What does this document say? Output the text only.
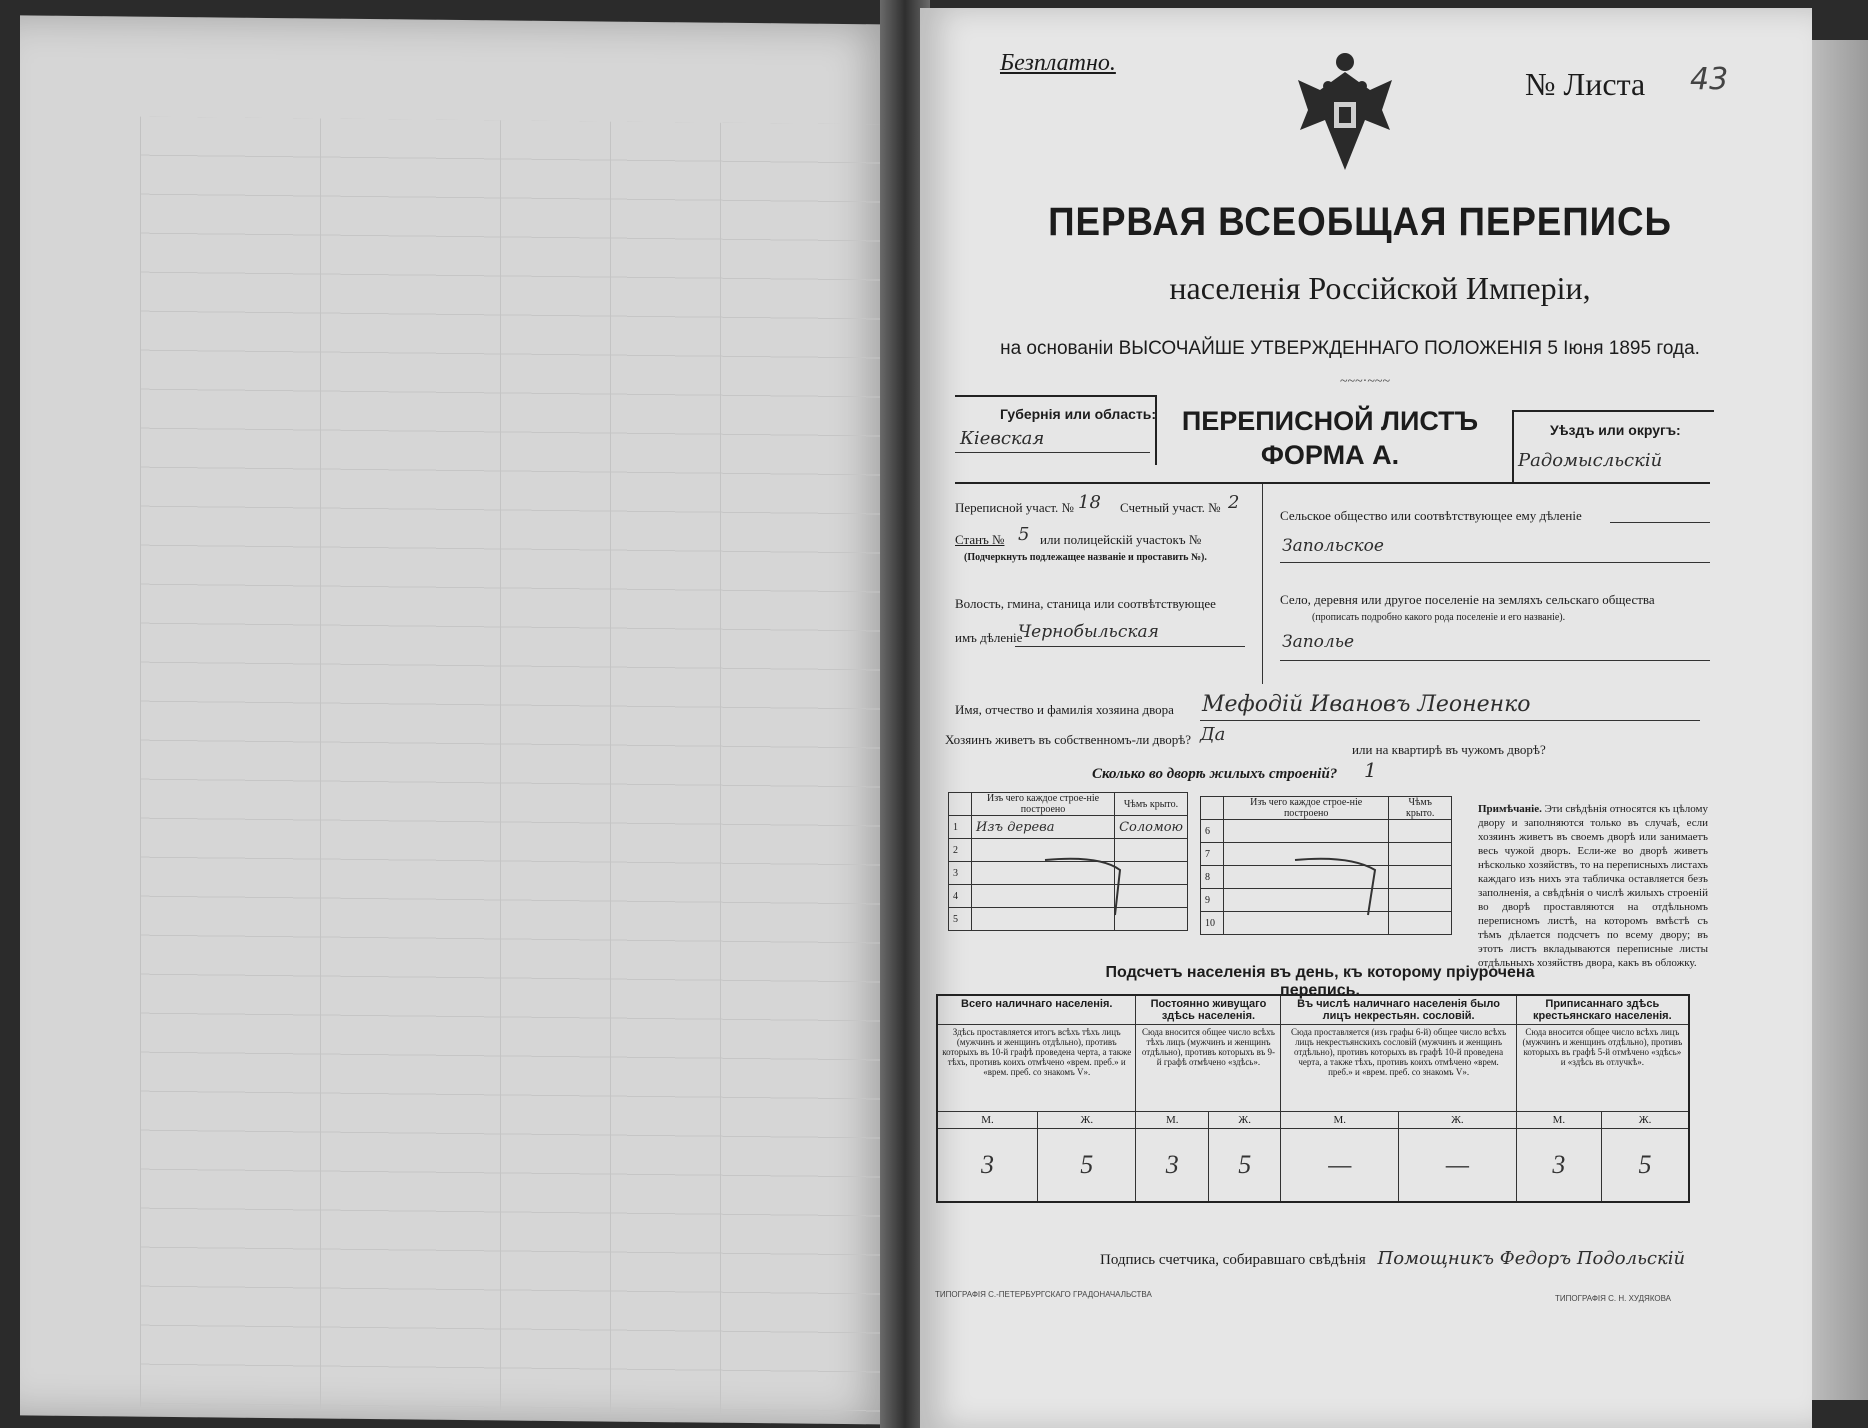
Безплатно.
№ Листа 43
ПЕРВАЯ ВСЕОБЩАЯ ПЕРЕПИСЬ
населенія Россійской Имперіи,
на основаніи ВЫСОЧАЙШЕ УТВЕРЖДЕННАГО ПОЛОЖЕНІЯ 5 Іюня 1895 года.
~~~·~~~
Губернія или область:
Кіевская
ПЕРЕПИСНОЙ ЛИСТЪ
ФОРМА А.
Уѣздъ или округъ:
Радомысльскій
Переписной участ. № 18 Счетный участ. № 2
Станъ № 5 или полицейскій участокъ №
(Подчеркнуть подлежащее названіе и проставить №).
Волость, гмина, станица или соотвѣтствующее
имъ дѣленіе
Чернобыльская
Сельское общество или соотвѣтствующее ему дѣленіе
Запольское
Село, деревня или другое поселеніе на земляхъ сельскаго общества
(прописать подробно какого рода поселеніе и его названіе).
Заполье
Имя, отчество и фамилія хозяина двора Мефодій Ивановъ Леоненко
Хозяинъ живетъ въ собственномъ-ли дворѣ? Да
или на квартирѣ въ чужомъ дворѣ?
Сколько во дворѣ жилыхъ строеній? 1
	Изъ чего каждое строе-ніе построено	Чѣмъ крыто.
1	Изъ дерева	Соломою
2		
3		
4		
5		
	Изъ чего каждое строе-ніе построено	Чѣмъ крыто.
6		
7		
8		
9		
10		
Примѣчаніе. Эти свѣдѣнія относятся къ цѣлому двору и заполняются только въ случаѣ, если хозяинъ живетъ въ своемъ дворѣ или занимаетъ весь чужой дворъ. Если-же во дворѣ живетъ нѣсколько хозяйствъ, то на переписныхъ листахъ каждаго изъ нихъ эта табличка оставляется безъ заполненія, а свѣдѣнія о числѣ жилыхъ строеній во дворѣ проставляются на отдѣльномъ переписномъ листѣ, на которомъ вмѣстѣ съ тѣмъ дѣлается подсчетъ по всему двору; въ этотъ листъ вкладываются переписные листы отдѣльныхъ хозяйствъ двора, какъ въ обложку.
Подсчетъ населенія въ день, къ которому пріурочена перепись.
Всего наличнаго населенія.		Постоянно живущаго здѣсь населенія.		Въ числѣ наличнаго населенія было лицъ некрестьян. сословій.		Приписаннаго здѣсь крестьянскаго населенія.	
Здѣсь проставляется итогъ всѣхъ тѣхъ лицъ (мужчинъ и женщинъ отдѣльно), противъ которыхъ въ 10-й графѣ проведена черта, а также тѣхъ, противъ коихъ отмѣчено «врем. преб.» и «врем. преб. со знакомъ V».		Сюда вносится общее число всѣхъ тѣхъ лицъ (мужчинъ и женщинъ отдѣльно), противъ которыхъ въ 9-й графѣ отмѣчено «здѣсь».		Сюда проставляется (изъ графы 6-й) общее число всѣхъ лицъ некрестьянскихъ сословій (мужчинъ и женщинъ отдѣльно), противъ которыхъ въ графѣ 10-й проведена черта, а также тѣхъ, противъ коихъ отмѣчено «врем. преб.» и «врем. преб. со знакомъ V».		Сюда вносится общее число всѣхъ лицъ (мужчинъ и женщинъ отдѣльно), противъ которыхъ въ графѣ 5-й отмѣчено «здѣсь» и «здѣсь въ отлучкѣ».	
М.	Ж.	М.	Ж.	М.	Ж.	М.	Ж.
3	5	3	5	—	—	3	5
Подпись счетчика, собиравшаго свѣдѣнія Помощникъ Федоръ Подольскій
ТИПОГРАФІЯ С.-ПЕТЕРБУРГСКАГО ГРАДОНАЧАЛЬСТВА	ТИПОГРАФІЯ С. Н. ХУДЯКОВА
